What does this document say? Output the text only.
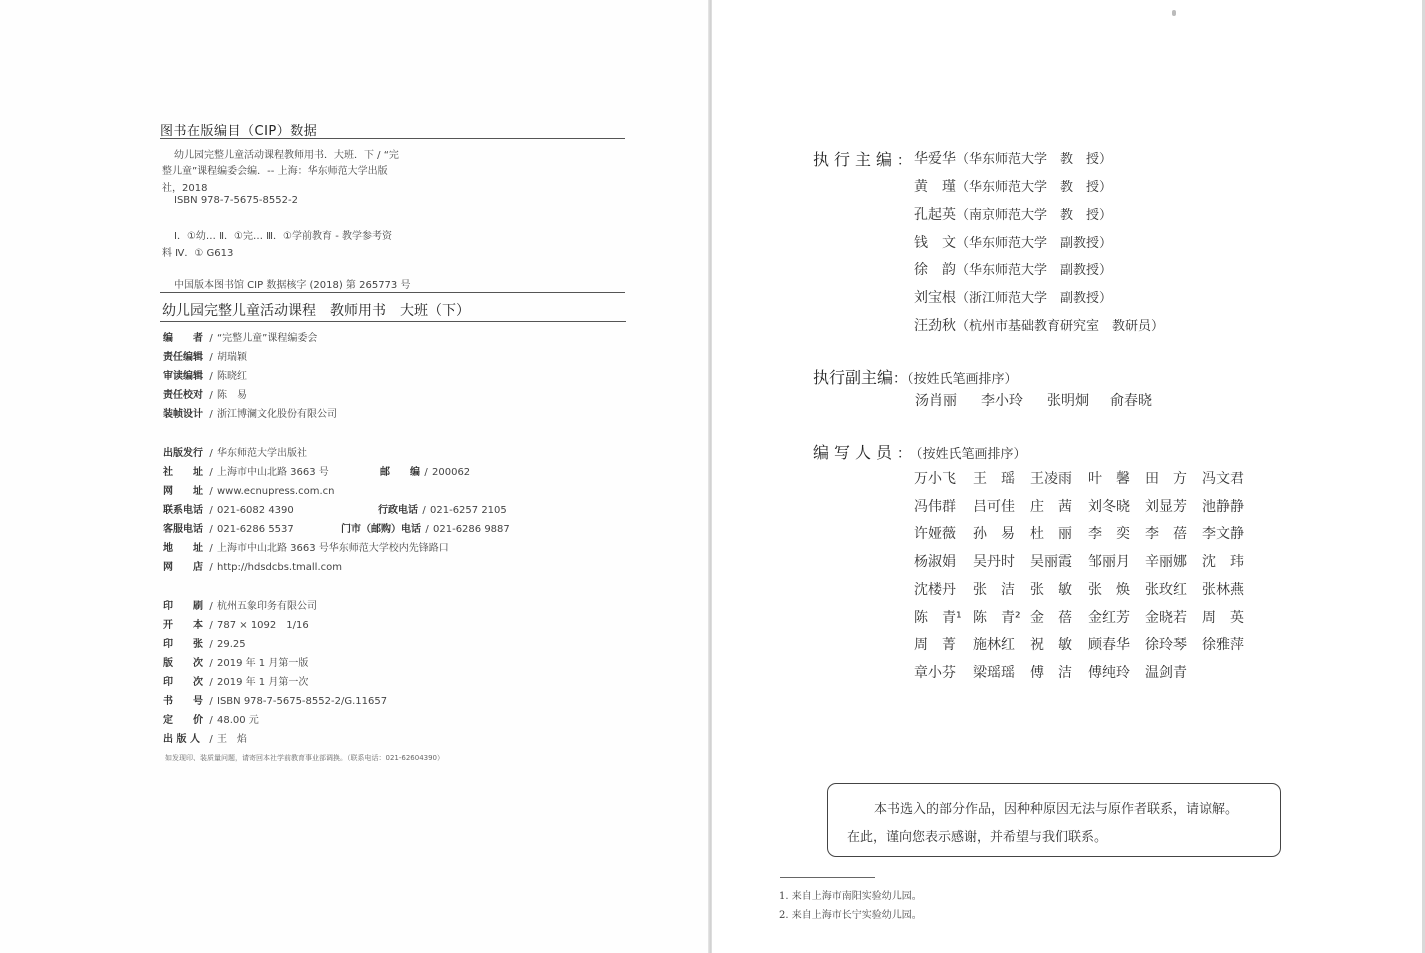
图书在版编目（CIP）数据
幼儿园完整儿童活动课程教师用书．大班．下 / “完
整儿童”课程编委会编．-- 上海：华东师范大学出版
社，2018
ISBN 978-7-5675-8552-2
Ⅰ．①幼… Ⅱ．①完… Ⅲ．①学前教育 - 教学参考资
料 Ⅳ．① G613
中国版本图书馆 CIP 数据核字 (2018) 第 265773 号
幼儿园完整儿童活动课程　教师用书　大班（下）
编　　者 / “完整儿童”课程编委会
责任编辑 / 胡瑞颖
审读编辑 / 陈晓红
责任校对 / 陈　易
装帧设计 / 浙江博澜文化股份有限公司
出版发行 / 华东师范大学出版社
社　　址 / 上海市中山北路 3663 号	邮　　编 / 200062
网　　址 / www.ecnupress.com.cn
联系电话 / 021-6082 4390	行政电话 / 021-6257 2105
客服电话 / 021-6286 5537	门市（邮购）电话 / 021-6286 9887
地　　址 / 上海市中山北路 3663 号华东师范大学校内先锋路口
网　　店 / http://hdsdcbs.tmall.com
印　　刷 / 杭州五象印务有限公司
开　　本 / 787 × 1092　1/16
印　　张 / 29.25
版　　次 / 2019 年 1 月第一版
印　　次 / 2019 年 1 月第一次
书　　号 / ISBN 978-7-5675-8552-2/G.11657
定　　价 / 48.00 元
出 版 人 / 王　焰
如发现印、装质量问题，请寄回本社学前教育事业部调换。（联系电话：021-62604390）
执行主编：
华爱华（华东师范大学　教　授）
黄　瑾（华东师范大学　教　授）
孔起英（南京师范大学　教　授）
钱　文（华东师范大学　副教授）
徐　韵（华东师范大学　副教授）
刘宝根（浙江师范大学　副教授）
汪劲秋（杭州市基础教育研究室　教研员）
执行副主编：（按姓氏笔画排序）
汤肖丽 李小玲 张明炯 俞春晓
编写人员：（按姓氏笔画排序）
万小飞 王　瑶 王凌雨 叶　馨 田　方 冯文君
冯伟群 吕可佳 庄　茜 刘冬晓 刘显芳 池静静
许娅薇 孙　易 杜　丽 李　奕 李　蓓 李文静
杨淑娟 吴丹时 吴丽霞 邹丽月 辛丽娜 沈　玮
沈楼丹 张　洁 张　敏 张　焕 张玫红 张林燕
陈　青¹ 陈　青² 金　蓓 金红芳 金晓若 周　英
周　菁 施林红 祝　敏 顾春华 徐玲琴 徐雅萍
章小芬 梁瑶瑶 傅　洁 傅纯玲 温剑青
本书选入的部分作品，因种种原因无法与原作者联系，请谅解。
在此，谨向您表示感谢，并希望与我们联系。
1. 来自上海市南阳实验幼儿园。
2. 来自上海市长宁实验幼儿园。
